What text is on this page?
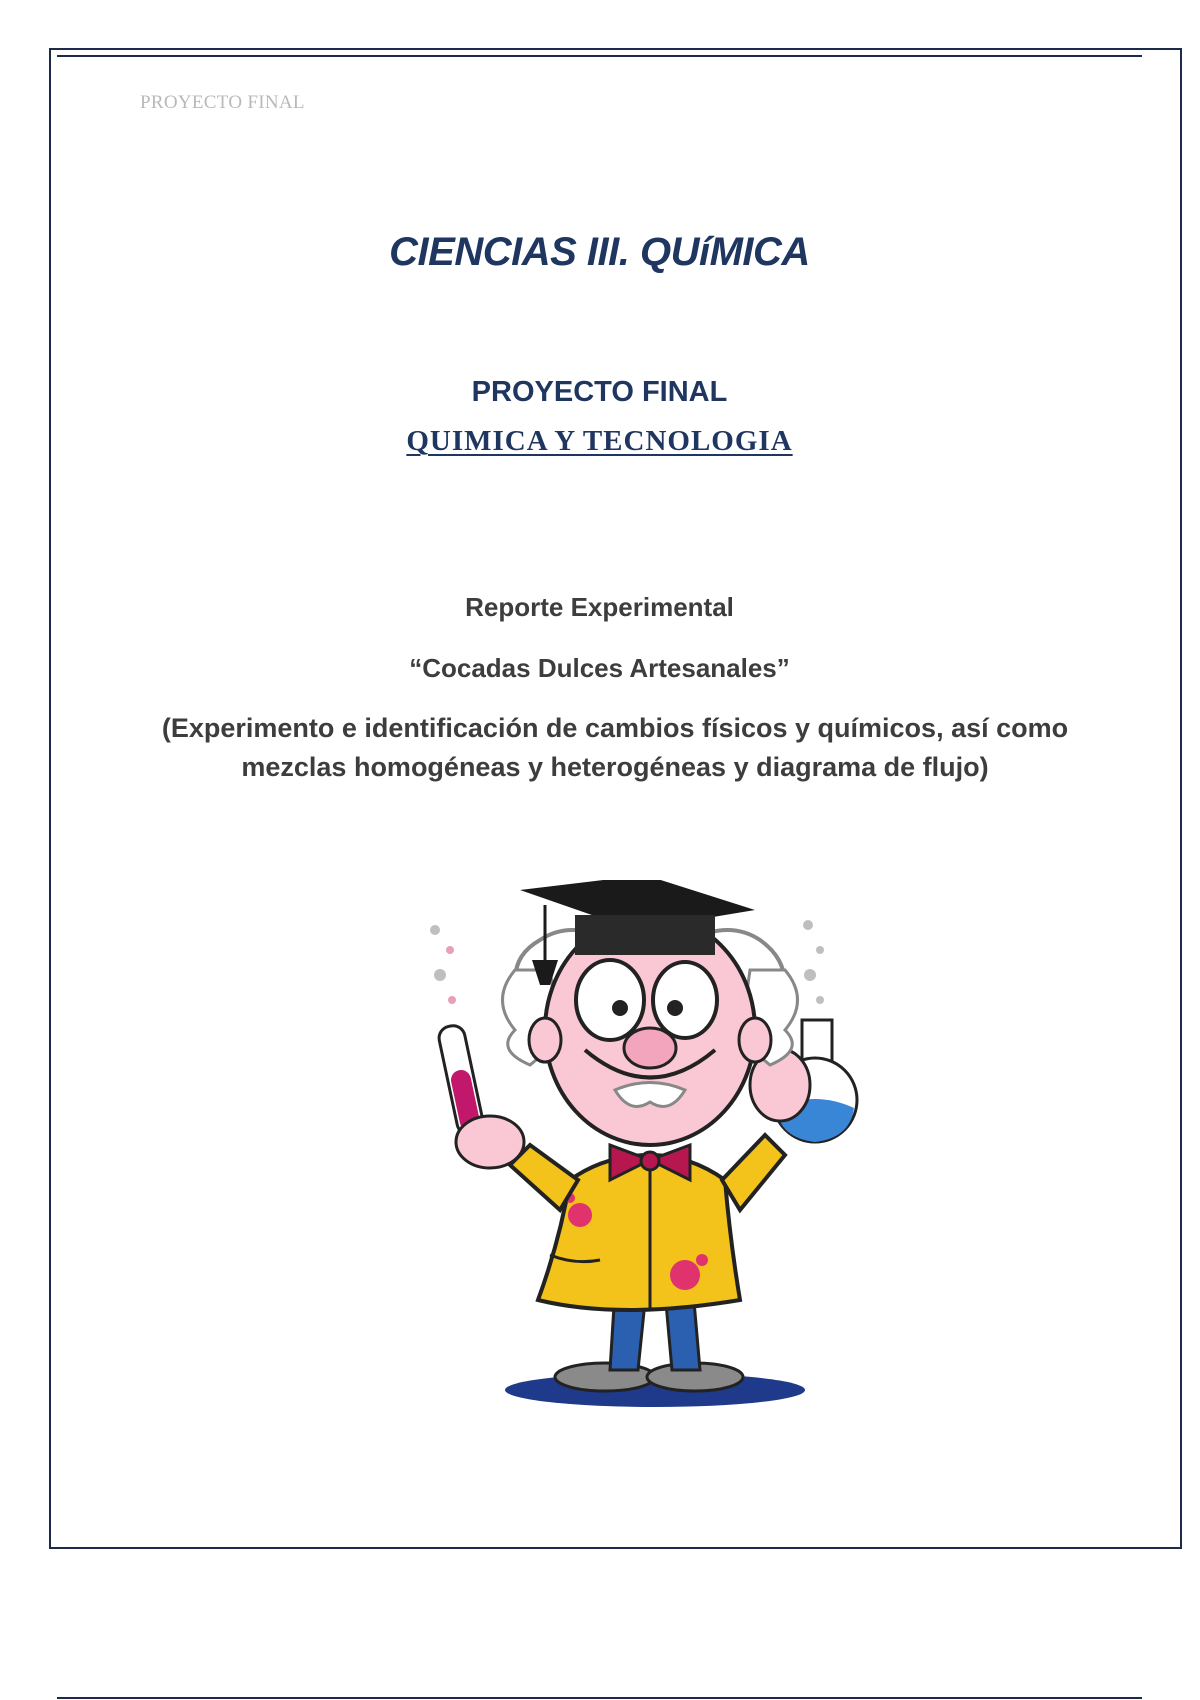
PROYECTO FINAL
CIENCIAS III. QUíMICA
PROYECTO FINAL
QUIMICA Y TECNOLOGIA
Reporte Experimental
“Cocadas Dulces Artesanales”
(Experimento e identificación de cambios físicos y químicos, así como mezclas homogéneas y heterogéneas y diagrama de flujo)
